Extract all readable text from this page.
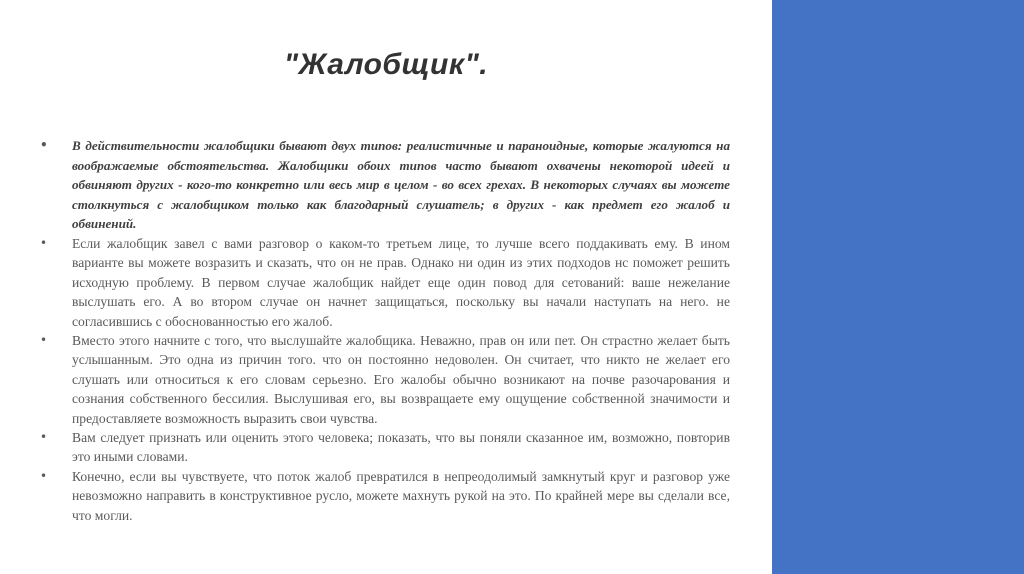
"Жалобщик".
• В действительности жалобщики бывают двух типов: реалистичные и параноидные, которые жалуются на воображаемые обстоятельства. Жалобщики обоих типов часто бывают охвачены некоторой идеей и обвиняют других - кого-то конкретно или весь мир в целом - во всех грехах. В некоторых случаях вы можете столкнуться с жалобщиком только как благодарный слушатель; в других - как предмет его жалоб и обвинений.
• Если жалобщик завел с вами разговор о каком-то третьем лице, то лучше всего поддакивать ему. В ином варианте вы можете возразить и сказать, что он не прав. Однако ни один из этих подходов нс поможет решить исходную проблему. В первом случае жалобщик найдет еще один повод для сетований: ваше нежелание выслушать его. А во втором случае он начнет защищаться, поскольку вы начали наступать на него. не согласившись с обоснованностью его жалоб.
• Вместо этого начните с того, что выслушайте жалобщика. Неважно, прав он или пет. Он страстно желает быть услышанным. Это одна из причин того. что он постоянно недоволен. Он считает, что никто не желает его слушать или относиться к его словам серьезно. Его жалобы обычно возникают на почве разочарования и сознания собственного бессилия. Выслушивая его, вы возвращаете ему ощущение собственной значимости и предоставляете возможность выразить свои чувства.
• Вам следует признать или оценить этого человека; показать, что вы поняли сказанное им, возможно, повторив это иными словами.
• Конечно, если вы чувствуете, что поток жалоб превратился в непреодолимый замкнутый круг и разговор уже невозможно направить в конструктивное русло, можете махнуть рукой на это. По крайней мере вы сделали все, что могли.
